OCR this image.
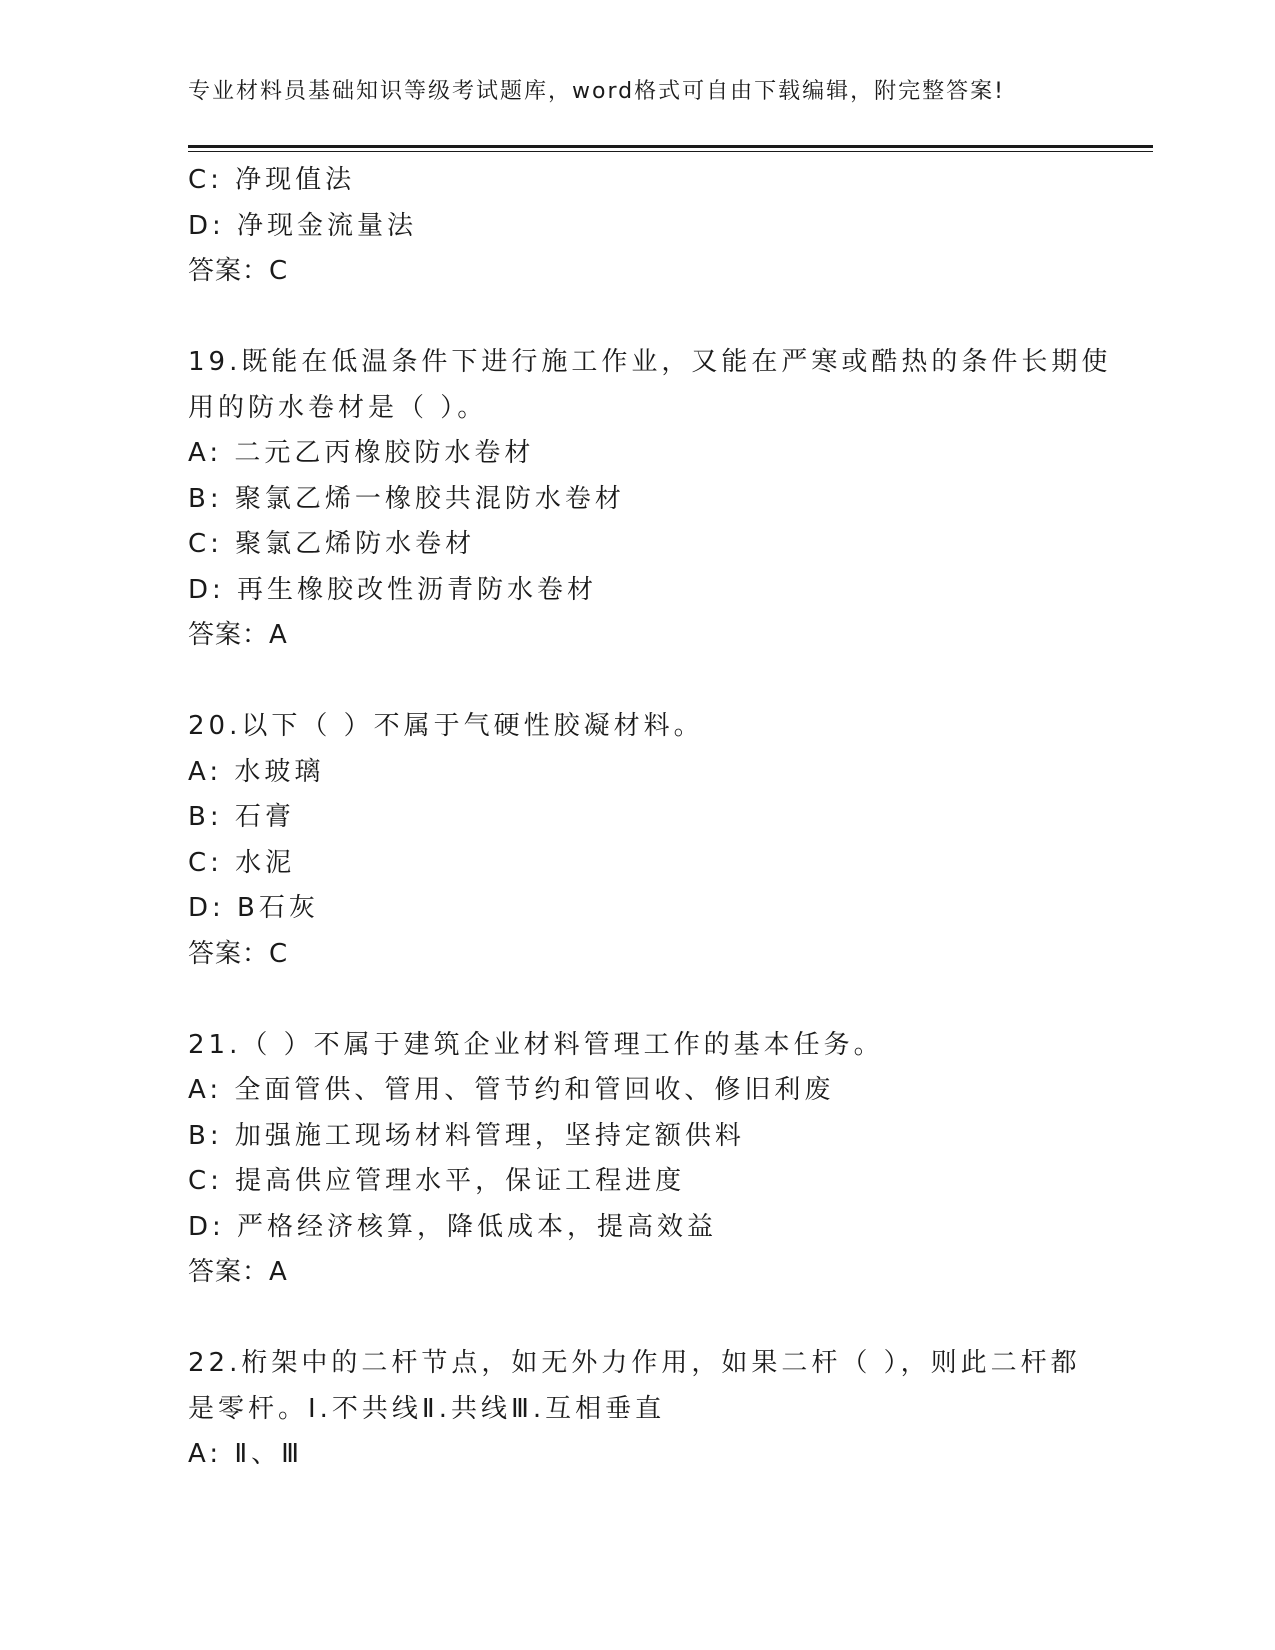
专业材料员基础知识等级考试题库，word格式可自由下载编辑，附完整答案!
C: 净现值法
D: 净现金流量法
答案：C
19.既能在低温条件下进行施工作业，又能在严寒或酷热的条件长期使
用的防水卷材是（ ）。
A: 二元乙丙橡胶防水卷材
B: 聚氯乙烯一橡胶共混防水卷材
C: 聚氯乙烯防水卷材
D: 再生橡胶改性沥青防水卷材
答案：A
20.以下（ ）不属于气硬性胶凝材料。
A: 水玻璃
B: 石膏
C: 水泥
D: B石灰
答案：C
21.（ ）不属于建筑企业材料管理工作的基本任务。
A: 全面管供、管用、管节约和管回收、修旧利废
B: 加强施工现场材料管理，坚持定额供料
C: 提高供应管理水平，保证工程进度
D: 严格经济核算，降低成本，提高效益
答案：A
22.桁架中的二杆节点，如无外力作用，如果二杆（ ），则此二杆都
是零杆。I.不共线Ⅱ.共线Ⅲ.互相垂直
A: Ⅱ、Ⅲ
